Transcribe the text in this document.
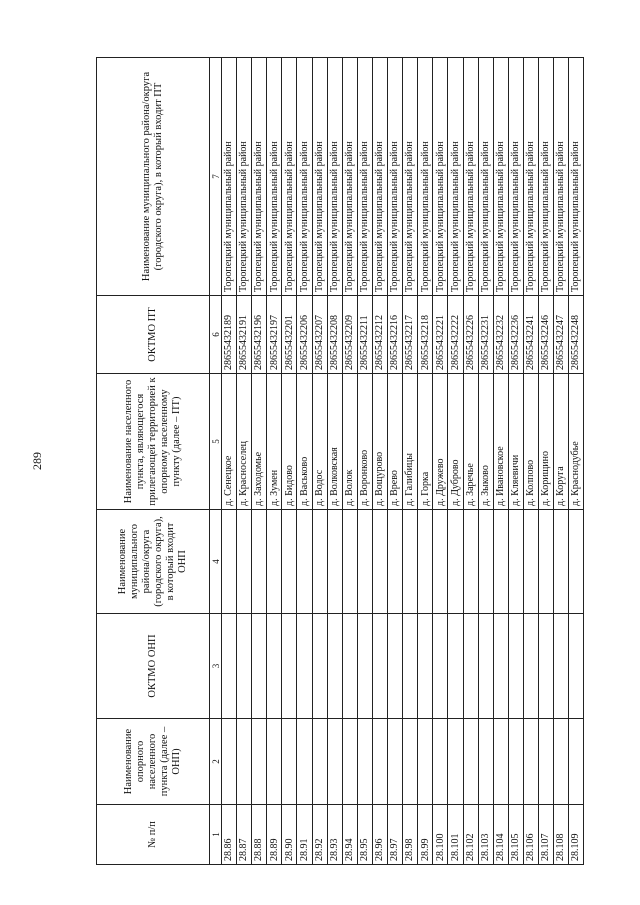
289
№ п/п	Наименование опорного населенного пункта (далее – ОНП)	ОКТМО ОНП	Наименование муниципального района/округа (городского округа), в который входит ОНП	Наименование населенного пункта, являющегося прилегающей территорией к опорному населенному пункту (далее – ПТ)	ОКТМО ПТ	Наименование муниципального района/округа (городского округа), в который входит ПТ
1	2	3	4	5	6	7
28.86				д. Сенецкое	28655432189	Торопецкий муниципальный район
28.87				д. Красноселец	28655432191	Торопецкий муниципальный район
28.88				д. Заходомье	28655432196	Торопецкий муниципальный район
28.89				д. Зумен	28655432197	Торопецкий муниципальный район
28.90				д. Бидово	28655432201	Торопецкий муниципальный район
28.91				д. Васьково	28655432206	Торопецкий муниципальный район
28.92				д. Водос	28655432207	Торопецкий муниципальный район
28.93				д. Волковская	28655432208	Торопецкий муниципальный район
28.94				д. Волок	28655432209	Торопецкий муниципальный район
28.95				д. Воронково	28655432211	Торопецкий муниципальный район
28.96				д. Вощурово	28655432212	Торопецкий муниципальный район
28.97				д. Врево	28655432216	Торопецкий муниципальный район
28.98				д. Галибицы	28655432217	Торопецкий муниципальный район
28.99				д. Горка	28655432218	Торопецкий муниципальный район
28.100				д. Дружево	28655432221	Торопецкий муниципальный район
28.101				д. Дуброво	28655432222	Торопецкий муниципальный район
28.102				д. Заречье	28655432226	Торопецкий муниципальный район
28.103				д. Зыково	28655432231	Торопецкий муниципальный район
28.104				д. Ивановское	28655432232	Торопецкий муниципальный район
28.105				д. Кляевичи	28655432236	Торопецкий муниципальный район
28.106				д. Колпово	28655432241	Торопецкий муниципальный район
28.107				д. Корищино	28655432246	Торопецкий муниципальный район
28.108				д. Коруга	28655432247	Торопецкий муниципальный район
28.109				д. Краснодубье	28655432248	Торопецкий муниципальный район
